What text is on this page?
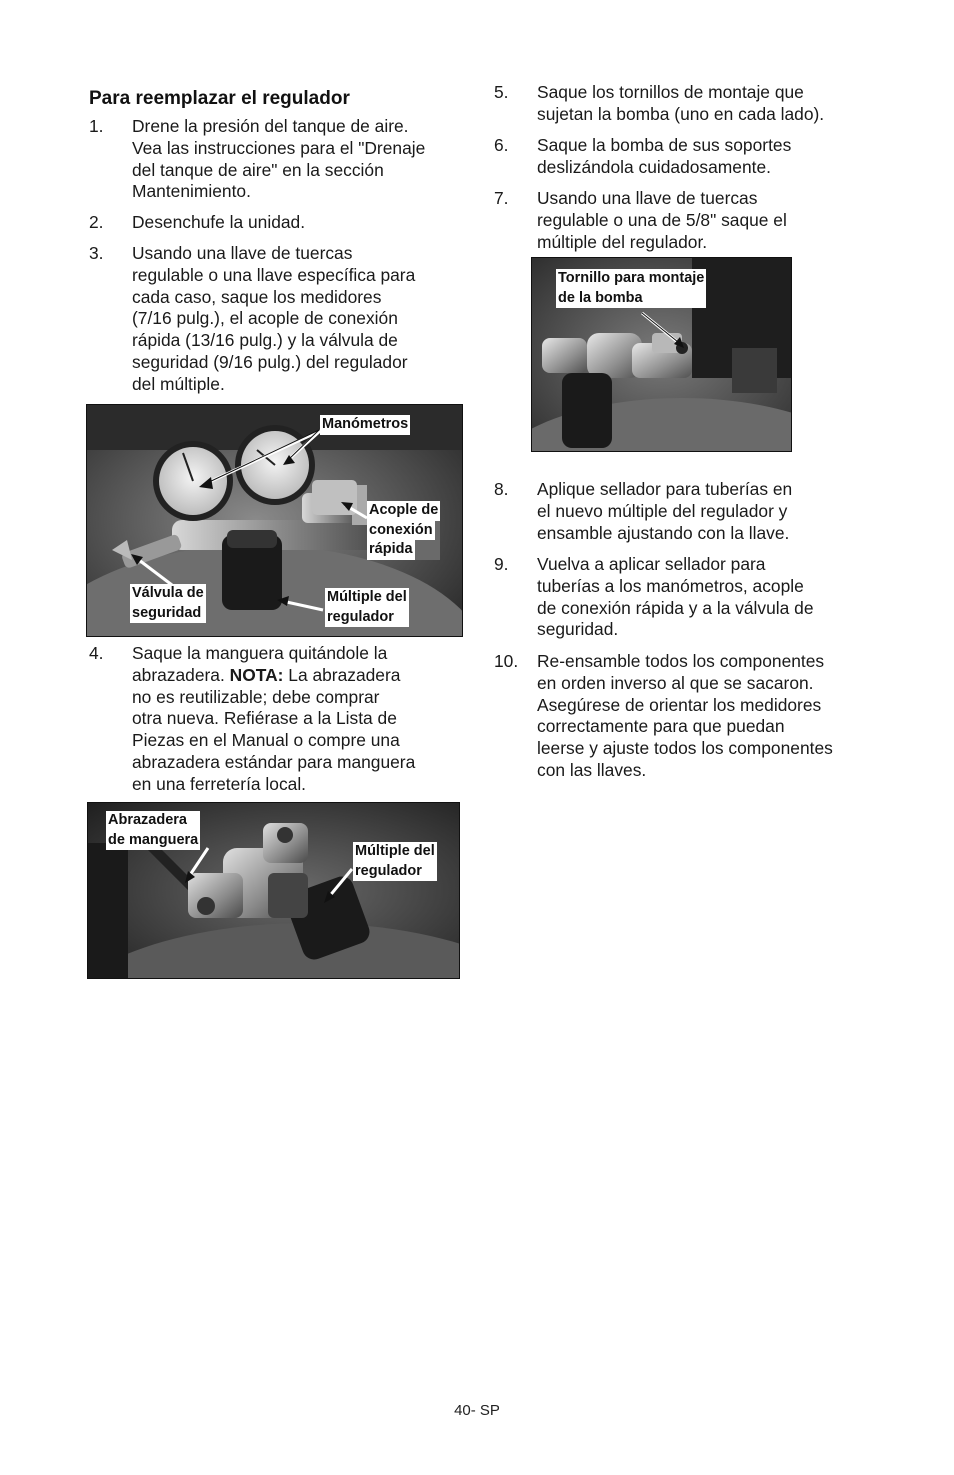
Para reemplazar el regulador
1. Drene la presión del tanque de aire.
Vea las instrucciones para el "Drenaje
del tanque de aire" en la sección
Mantenimiento.
2. Desenchufe la unidad.
3. Usando una llave de tuercas
regulable o una llave específica para
cada caso, saque los medidores
(7/16 pulg.), el acople de conexión
rápida (13/16 pulg.) y la válvula de
seguridad (9/16 pulg.) del regulador
del múltiple.
Manómetros
Acople de
conexión
rápida
Válvula de
seguridad
Múltiple del
regulador
4. Saque la manguera quitándole la
abrazadera. NOTA: La abrazadera
no es reutilizable; debe comprar
otra nueva. Refiérase a la Lista de
Piezas en el Manual o compre una
abrazadera estándar para manguera
en una ferretería local.
Abrazadera
de manguera
Múltiple del
regulador
5. Saque los tornillos de montaje que
sujetan la bomba (uno en cada lado).
6. Saque la bomba de sus soportes
deslizándola cuidadosamente.
7. Usando una llave de tuercas
regulable o una de 5/8" saque el
múltiple del regulador.
Tornillo para montaje
de la bomba
8. Aplique sellador para tuberías en
el nuevo múltiple del regulador y
ensamble ajustando con la llave.
9. Vuelva a aplicar sellador para
tuberías a los manómetros, acople
de conexión rápida y a la válvula de
seguridad.
10. Re-ensamble todos los componentes
en orden inverso al que se sacaron.
Asegúrese de orientar los medidores
correctamente para que puedan
leerse y ajuste todos los componentes
con las llaves.
40- SP
